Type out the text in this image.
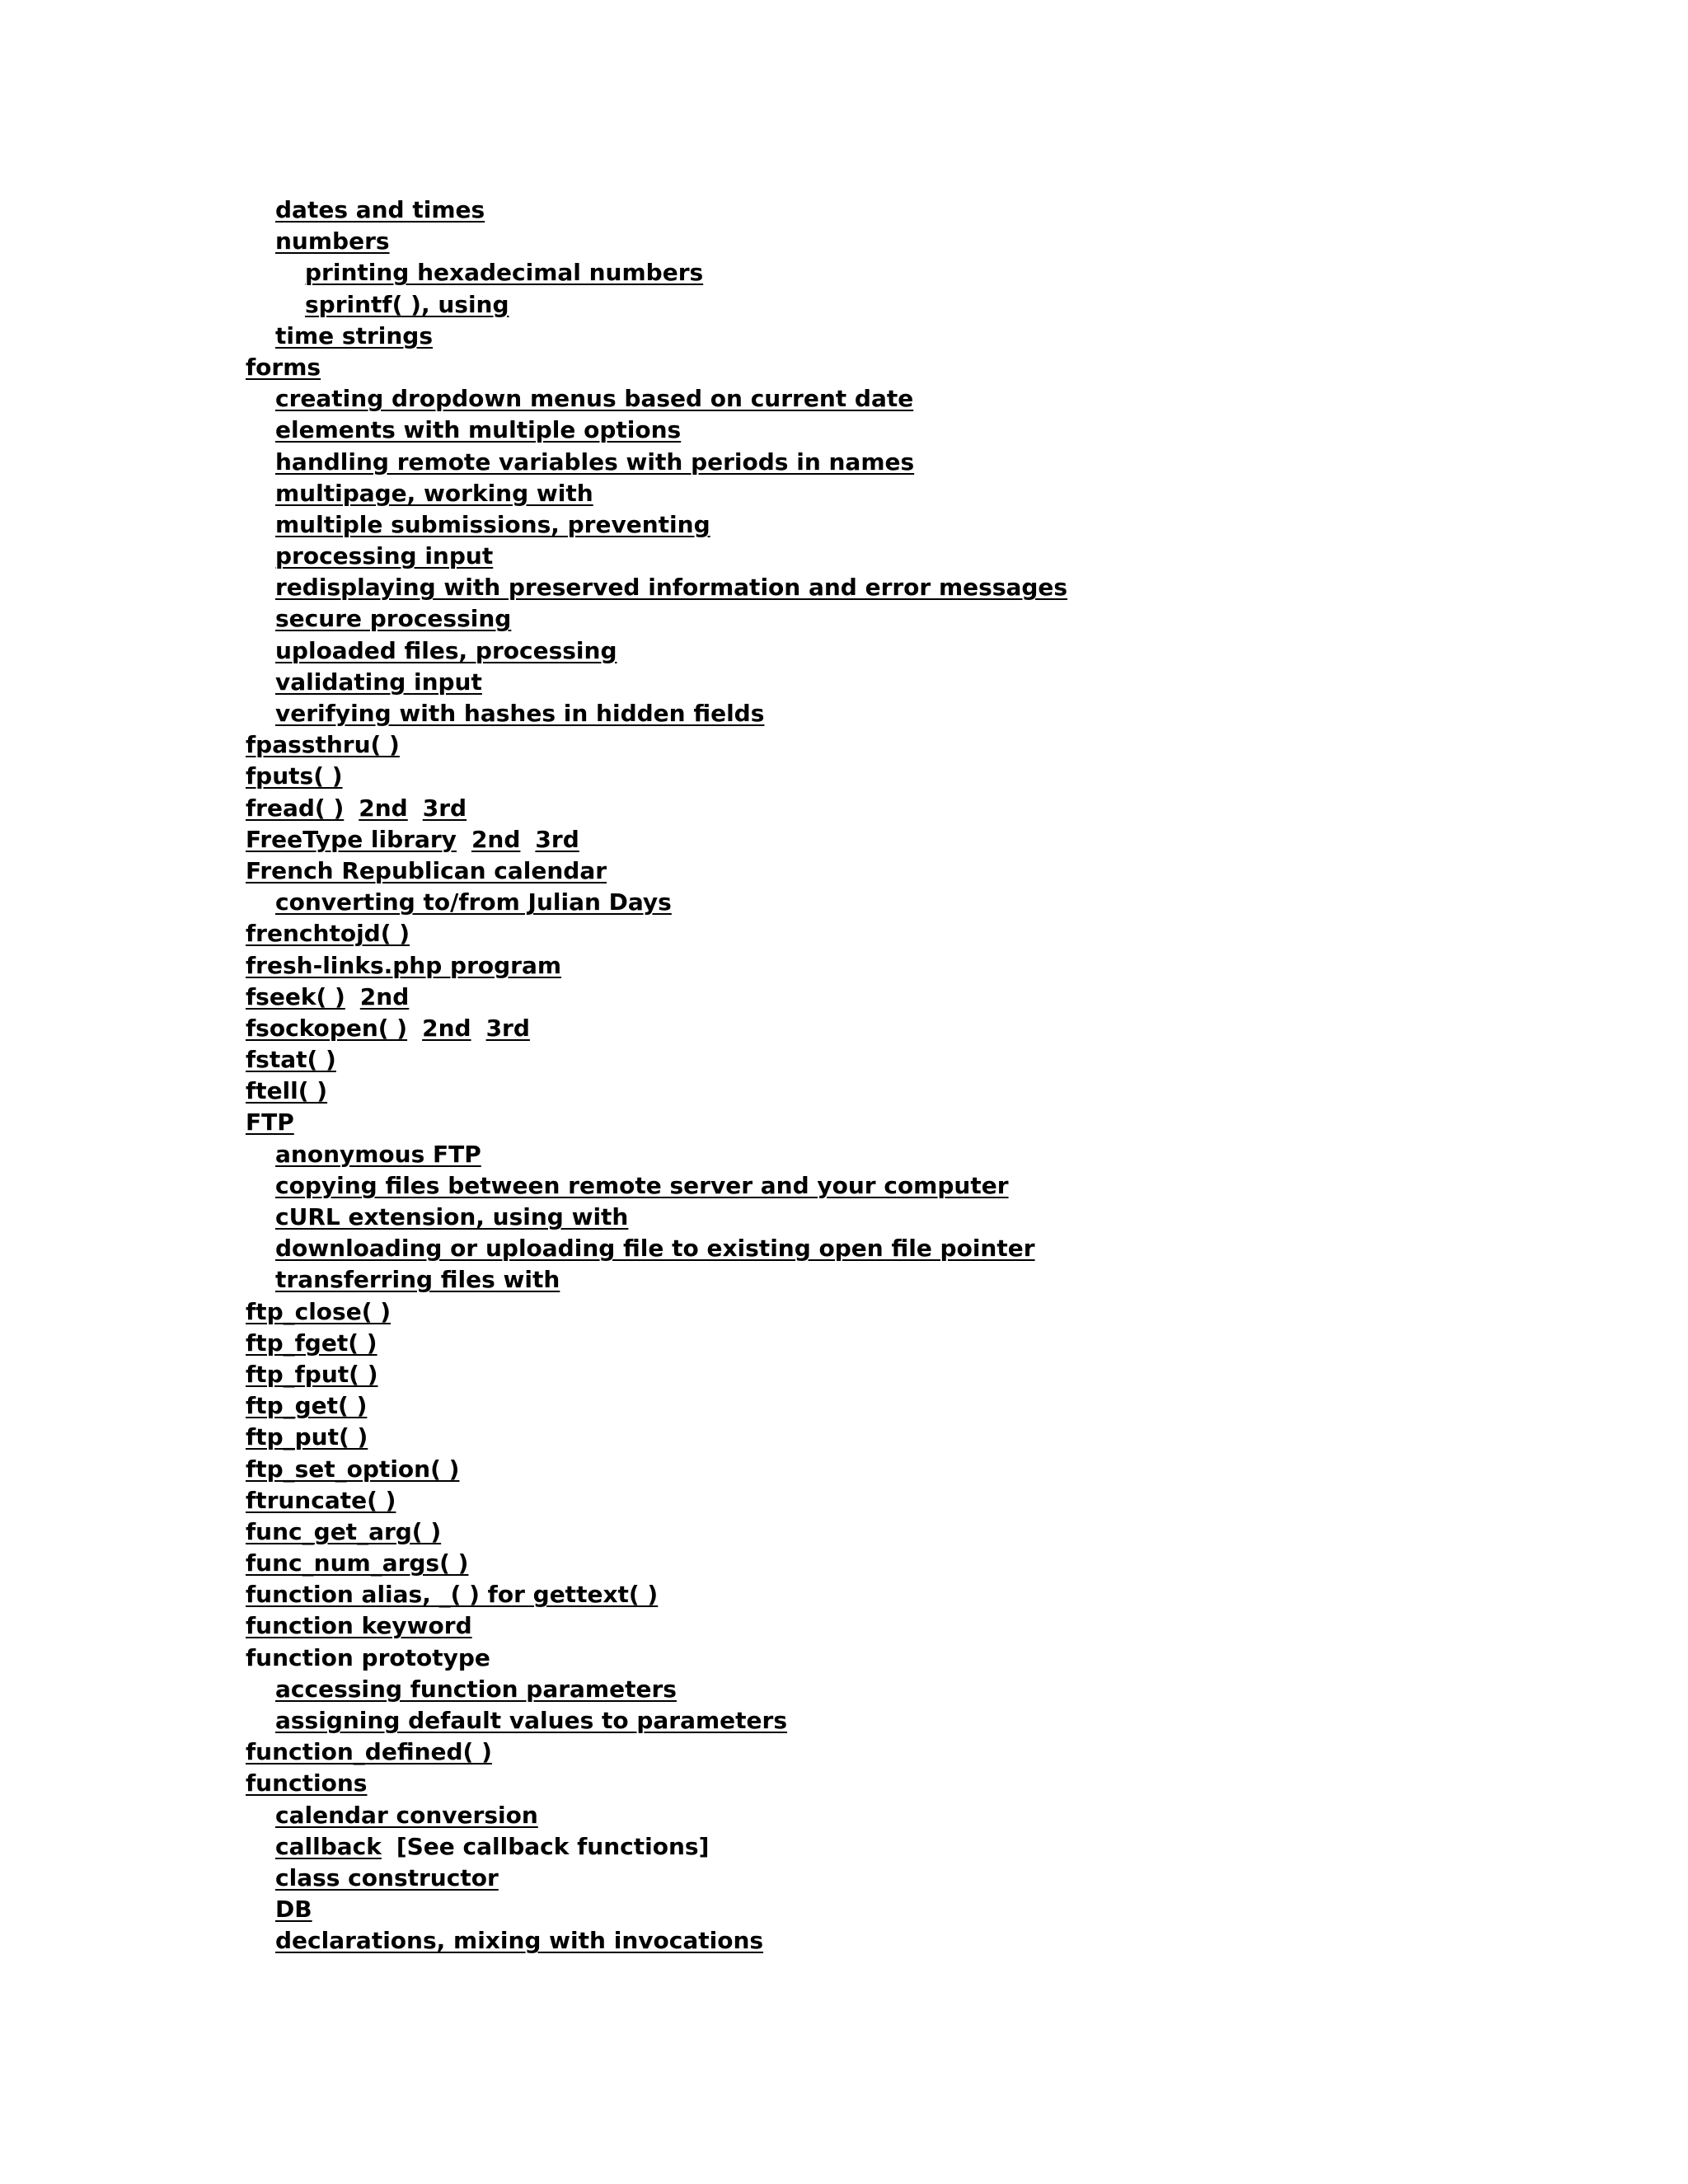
dates and times
numbers
printing hexadecimal numbers
sprintf( ), using
time strings
forms
creating dropdown menus based on current date
elements with multiple options
handling remote variables with periods in names
multipage, working with
multiple submissions, preventing
processing input
redisplaying with preserved information and error messages
secure processing
uploaded files, processing
validating input
verifying with hashes in hidden fields
fpassthru( )
fputs( )
fread( ) 2nd 3rd
FreeType library 2nd 3rd
French Republican calendar
converting to/from Julian Days
frenchtojd( )
fresh-links.php program
fseek( ) 2nd
fsockopen( ) 2nd 3rd
fstat( )
ftell( )
FTP
anonymous FTP
copying files between remote server and your computer
cURL extension, using with
downloading or uploading file to existing open file pointer
transferring files with
ftp_close( )
ftp_fget( )
ftp_fput( )
ftp_get( )
ftp_put( )
ftp_set_option( )
ftruncate( )
func_get_arg( )
func_num_args( )
function alias, _( ) for gettext( )
function keyword
function prototype
accessing function parameters
assigning default values to parameters
function_defined( )
functions
calendar conversion
callback [See callback functions]
class constructor
DB
declarations, mixing with invocations
